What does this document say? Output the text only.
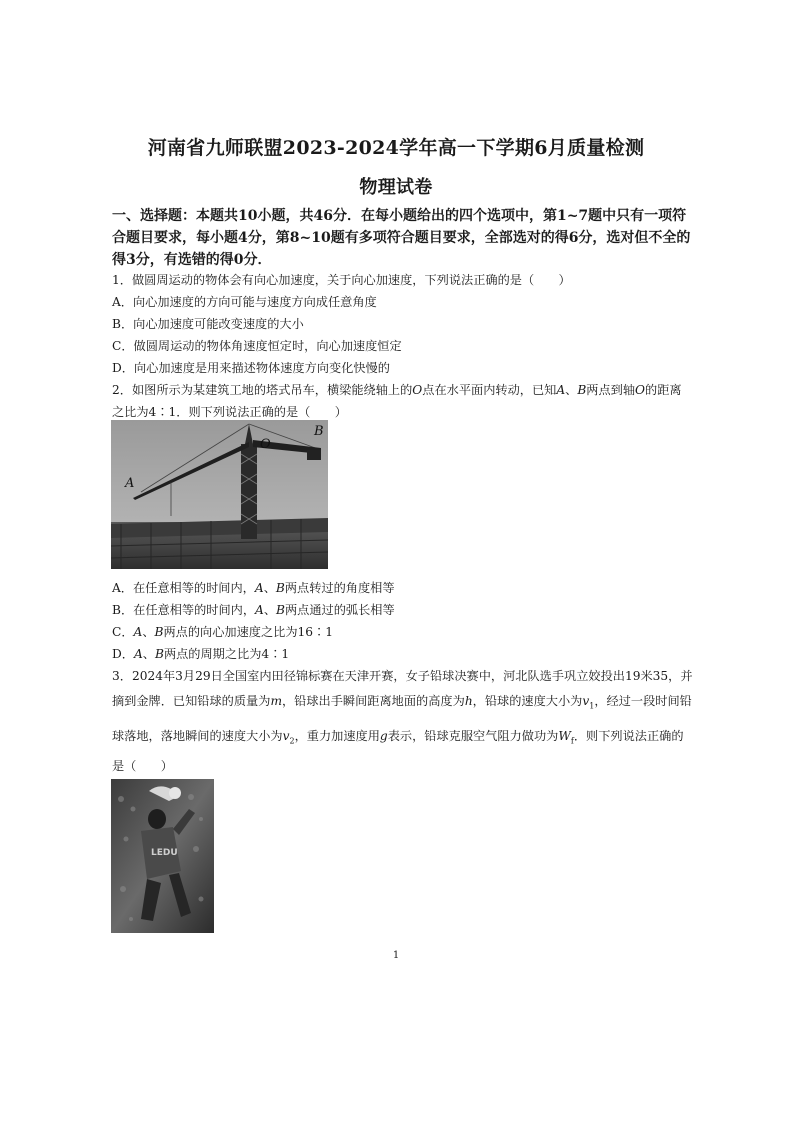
河南省九师联盟2023-2024学年高一下学期6月质量检测
物理试卷
一、选择题：本题共10小题，共46分．在每小题给出的四个选项中，第1~7题中只有一项符
合题目要求，每小题4分，第8~10题有多项符合题目要求，全部选对的得6分，选对但不全的
得3分，有选错的得0分．
1．做圆周运动的物体会有向心加速度，关于向心加速度，下列说法正确的是（　　）
A．向心加速度的方向可能与速度方向成任意角度
B．向心加速度可能改变速度的大小
C．做圆周运动的物体角速度恒定时，向心加速度恒定
D．向心加速度是用来描述物体速度方向变化快慢的
2．如图所示为某建筑工地的塔式吊车，横梁能绕轴上的O点在水平面内转动，已知A、B两点到轴O的距离
之比为4∶1．则下列说法正确的是（　　）
A
O
B
A．在任意相等的时间内，A、B两点转过的角度相等
B．在任意相等的时间内，A、B两点通过的弧长相等
C．A、B两点的向心加速度之比为16∶1
D．A、B两点的周期之比为4∶1
3．2024年3月29日全国室内田径锦标赛在天津开赛，女子铅球决赛中，河北队选手巩立姣投出19米35，并
摘到金牌．已知铅球的质量为m，铅球出手瞬间距离地面的高度为h，铅球的速度大小为$v_1$，经过一段时间铅
球落地，落地瞬间的速度大小为$v_2$，重力加速度用g表示，铅球克服空气阻力做功为$W_f$．则下列说法正确的
是（　　）
LEDU
1
